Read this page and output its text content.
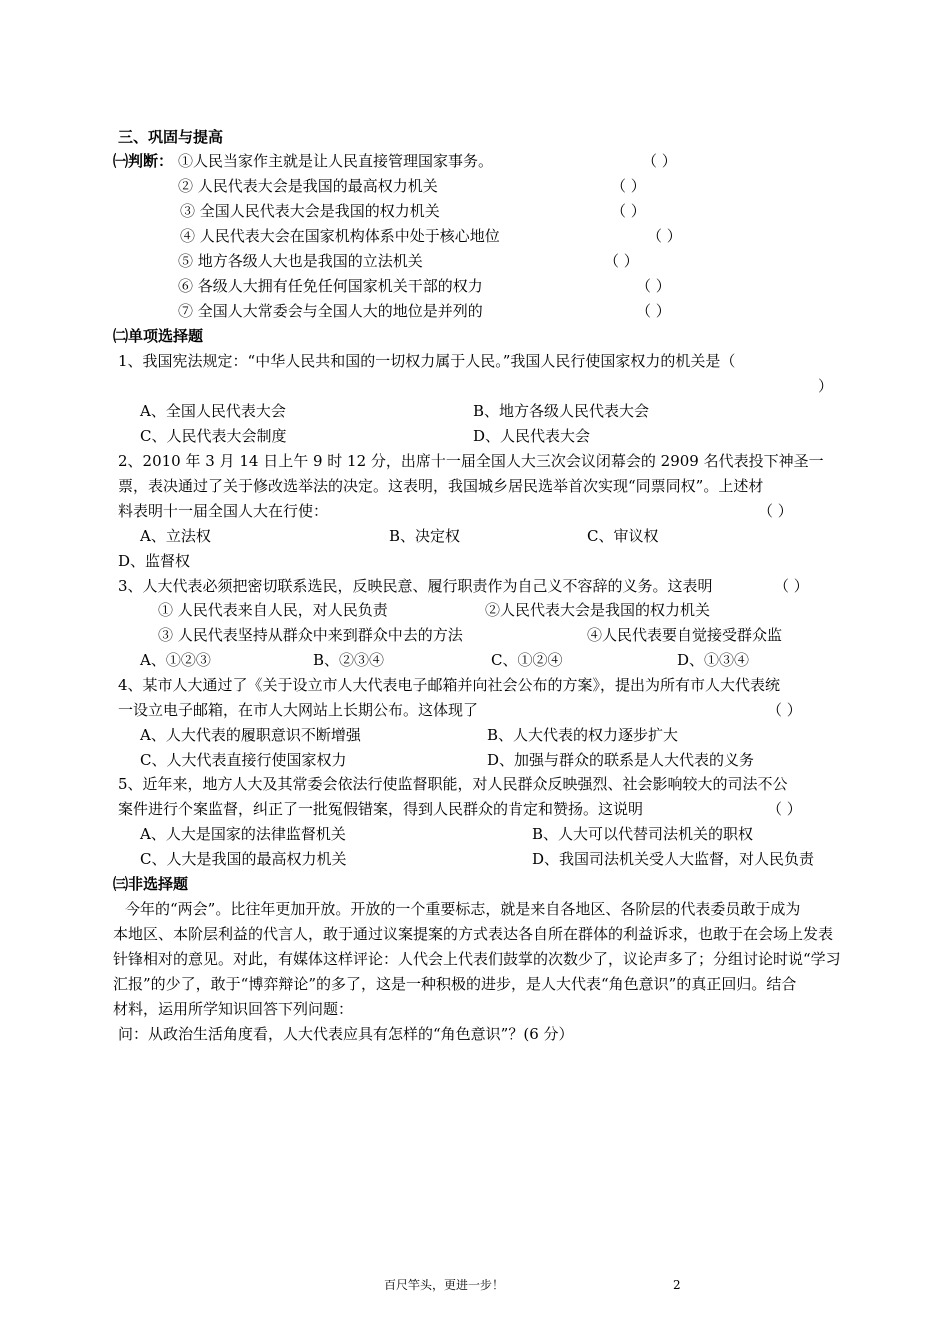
三、巩固与提高
㈠判断： ①人民当家作主就是让人民直接管理国家事务。	（ ）
② 人民代表大会是我国的最高权力机关	（ ）
③ 全国人民代表大会是我国的权力机关	（ ）
④ 人民代表大会在国家机构体系中处于核心地位	（ ）
⑤ 地方各级人大也是我国的立法机关	（ ）
⑥ 各级人大拥有任免任何国家机关干部的权力	（ ）
⑦ 全国人大常委会与全国人大的地位是并列的	（ ）
㈡单项选择题
1、我国宪法规定：“中华人民共和国的一切权力属于人民。”我国人民行使国家权力的机关是（
）
A、全国人民代表大会	B、地方各级人民代表大会
C、人民代表大会制度	D、人民代表大会
2、2010 年 3 月 14 日上午 9 时 12 分，出席十一届全国人大三次会议闭幕会的 2909 名代表投下神圣一
票，表决通过了关于修改选举法的决定。这表明，我国城乡居民选举首次实现“同票同权”。上述材
料表明十一届全国人大在行使：	（ ）
A、立法权	B、决定权	C、审议权
D、监督权
3、人大代表必须把密切联系选民，反映民意、履行职责作为自己义不容辞的义务。这表明	（ ）
① 人民代表来自人民，对人民负责	②人民代表大会是我国的权力机关
③ 人民代表坚持从群众中来到群众中去的方法	④人民代表要自觉接受群众监
A、①②③	B、②③④	C、①②④	D、①③④
4、某市人大通过了《关于设立市人大代表电子邮箱并向社会公布的方案》，提出为所有市人大代表统
一设立电子邮箱，在市人大网站上长期公布。这体现了	（ ）
A、人大代表的履职意识不断增强	B、人大代表的权力逐步扩大
C、人大代表直接行使国家权力	D、加强与群众的联系是人大代表的义务
5、近年来，地方人大及其常委会依法行使监督职能，对人民群众反映强烈、社会影响较大的司法不公
案件进行个案监督，纠正了一批冤假错案，得到人民群众的肯定和赞扬。这说明	（ ）
A、人大是国家的法律监督机关	B、人大可以代替司法机关的职权
C、人大是我国的最高权力机关	D、我国司法机关受人大监督，对人民负责
㈢非选择题
今年的“两会”。比往年更加开放。开放的一个重要标志，就是来自各地区、各阶层的代表委员敢于成为
本地区、本阶层利益的代言人，敢于通过议案提案的方式表达各自所在群体的利益诉求，也敢于在会场上发表
针锋相对的意见。对此，有媒体这样评论：人代会上代表们鼓掌的次数少了，议论声多了；分组讨论时说“学习
汇报”的少了，敢于“博弈辩论”的多了，这是一种积极的进步，是人大代表“角色意识”的真正回归。结合
材料，运用所学知识回答下列问题：
问：从政治生活角度看，人大代表应具有怎样的“角色意识”？(6 分）
百尺竿头，更进一步！	2
